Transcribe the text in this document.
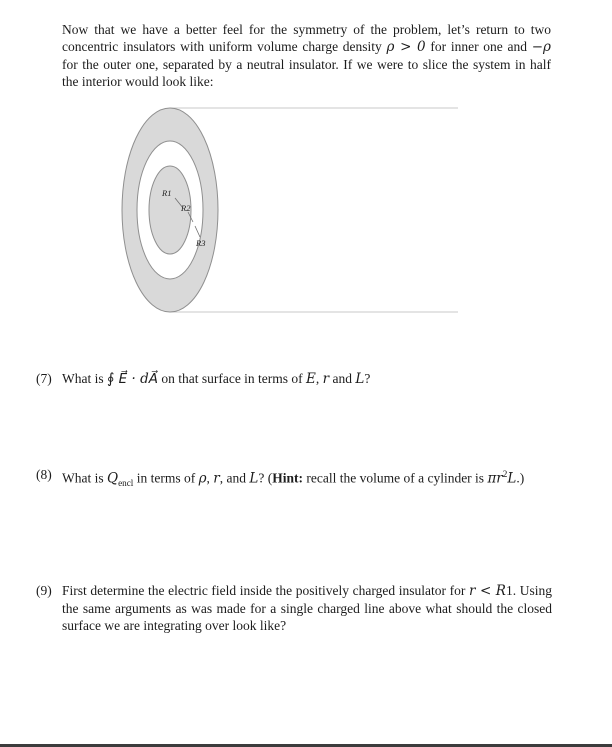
Now that we have a better feel for the symmetry of the problem, let’s return to two concentric insulators with uniform volume charge density ρ > 0 for inner one and −ρ for the outer one, separated by a neutral insulator. If we were to slice the system in half the interior would look like:

R1
R2
R3
(7) What is ∮ E⃗ · dA⃗ on that surface in terms of E, r and L?
(8) What is $Q_{encl}$ in terms of ρ, r, and L? (Hint: recall the volume of a cylinder is $\pi r^2L$.)
(9) First determine the electric field inside the positively charged insulator for r < R1. Using the same arguments as was made for a single charged line above what should the closed surface we are integrating over look like?
